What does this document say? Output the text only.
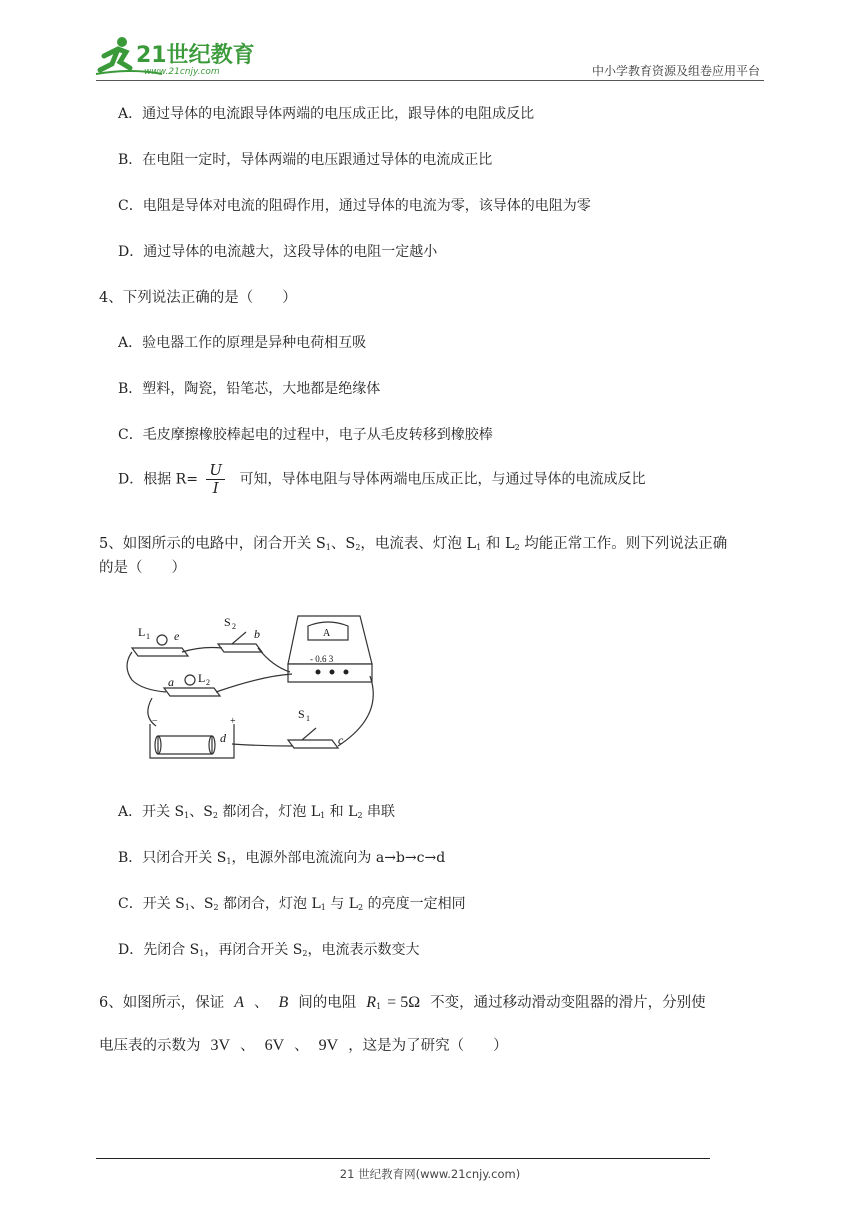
21世纪教育
www.21cnjy.com	中小学教育资源及组卷应用平台
A．通过导体的电流跟导体两端的电压成正比，跟导体的电阻成反比
B．在电阻一定时，导体两端的电压跟通过导体的电流成正比
C．电阻是导体对电流的阻碍作用，通过导体的电流为零，该导体的电阻为零
D．通过导体的电流越大，这段导体的电阻一定越小
4、下列说法正确的是（　　）
A．验电器工作的原理是异种电荷相互吸
B．塑料，陶瓷，铅笔芯，大地都是绝缘体
C．毛皮摩擦橡胶棒起电的过程中，电子从毛皮转移到橡胶棒
D．根据 $R= \frac{U}{I}$ 可知，导体电阻与导体两端电压成正比，与通过导体的电流成反比
5、如图所示的电路中，闭合开关 $S_1$、$S_2$，电流表、灯泡 $L_1$ 和 $L_2$ 均能正常工作。则下列说法正确
的是（　　）
L 1 e
S 2
b
a L 2
S 1
c
d
A
- 0.6 3
−	+
A．开关 $S_1$、$S_2$ 都闭合，灯泡 $L_1$ 和 $L_2$ 串联
B．只闭合开关 $S_1$，电源外部电流流向为 a→b→c→d
C．开关 $S_1$、$S_2$ 都闭合，灯泡 $L_1$ 与 $L_2$ 的亮度一定相同
D．先闭合 $S_1$，再闭合开关 $S_2$，电流表示数变大
6、如图所示，保证 A 、 B 间的电阻 $R_1 = 5\Omega$ 不变，通过移动滑动变阻器的滑片，分别使
电压表的示数为 3V 、 6V 、 9V ，这是为了研究（　　）
21 世纪教育网(www.21cnjy.com)
